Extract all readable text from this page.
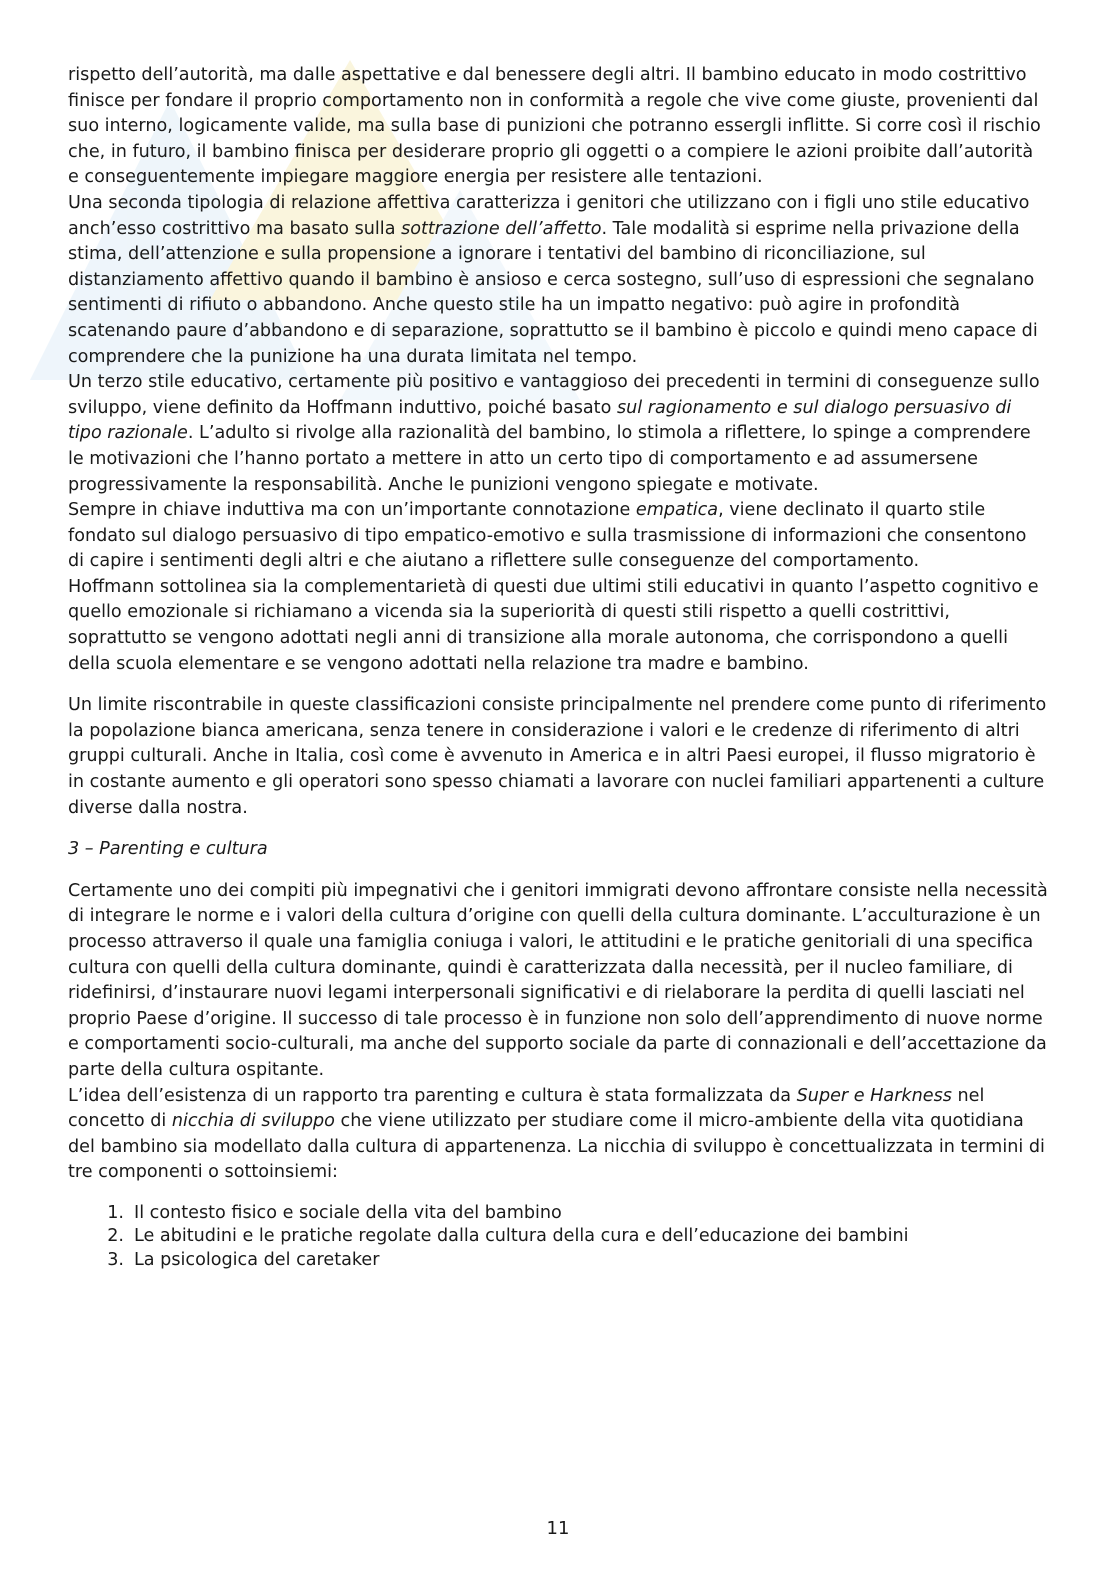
rispetto dell’autorità, ma dalle aspettative e dal benessere degli altri. Il bambino educato in modo costrittivo finisce per fondare il proprio comportamento non in conformità a regole che vive come giuste, provenienti dal suo interno, logicamente valide, ma sulla base di punizioni che potranno essergli inflitte. Si corre così il rischio che, in futuro, il bambino finisca per desiderare proprio gli oggetti o a compiere le azioni proibite dall’autorità e conseguentemente impiegare maggiore energia per resistere alle tentazioni.

Una seconda tipologia di relazione affettiva caratterizza i genitori che utilizzano con i figli uno stile educativo anch’esso costrittivo ma basato sulla sottrazione dell’affetto. Tale modalità si esprime nella privazione della stima, dell’attenzione e sulla propensione a ignorare i tentativi del bambino di riconciliazione, sul distanziamento affettivo quando il bambino è ansioso e cerca sostegno, sull’uso di espressioni che segnalano sentimenti di rifiuto o abbandono. Anche questo stile ha un impatto negativo: può agire in profondità scatenando paure d’abbandono e di separazione, soprattutto se il bambino è piccolo e quindi meno capace di comprendere che la punizione ha una durata limitata nel tempo.

Un terzo stile educativo, certamente più positivo e vantaggioso dei precedenti in termini di conseguenze sullo sviluppo, viene definito da Hoffmann induttivo, poiché basato sul ragionamento e sul dialogo persuasivo di tipo razionale. L’adulto si rivolge alla razionalità del bambino, lo stimola a riflettere, lo spinge a comprendere le motivazioni che l’hanno portato a mettere in atto un certo tipo di comportamento e ad assumersene progressivamente la responsabilità. Anche le punizioni vengono spiegate e motivate.

Sempre in chiave induttiva ma con un’importante connotazione empatica, viene declinato il quarto stile fondato sul dialogo persuasivo di tipo empatico-emotivo e sulla trasmissione di informazioni che consentono di capire i sentimenti degli altri e che aiutano a riflettere sulle conseguenze del comportamento.

Hoffmann sottolinea sia la complementarietà di questi due ultimi stili educativi in quanto l’aspetto cognitivo e quello emozionale si richiamano a vicenda sia la superiorità di questi stili rispetto a quelli costrittivi, soprattutto se vengono adottati negli anni di transizione alla morale autonoma, che corrispondono a quelli della scuola elementare e se vengono adottati nella relazione tra madre e bambino.

Un limite riscontrabile in queste classificazioni consiste principalmente nel prendere come punto di riferimento la popolazione bianca americana, senza tenere in considerazione i valori e le credenze di riferimento di altri gruppi culturali. Anche in Italia, così come è avvenuto in America e in altri Paesi europei, il flusso migratorio è in costante aumento e gli operatori sono spesso chiamati a lavorare con nuclei familiari appartenenti a culture diverse dalla nostra.

3 – Parenting e cultura

Certamente uno dei compiti più impegnativi che i genitori immigrati devono affrontare consiste nella necessità di integrare le norme e i valori della cultura d’origine con quelli della cultura dominante. L’acculturazione è un processo attraverso il quale una famiglia coniuga i valori, le attitudini e le pratiche genitoriali di una specifica cultura con quelli della cultura dominante, quindi è caratterizzata dalla necessità, per il nucleo familiare, di ridefinirsi, d’instaurare nuovi legami interpersonali significativi e di rielaborare la perdita di quelli lasciati nel proprio Paese d’origine. Il successo di tale processo è in funzione non solo dell’apprendimento di nuove norme e comportamenti socio-culturali, ma anche del supporto sociale da parte di connazionali e dell’accettazione da parte della cultura ospitante.

L’idea dell’esistenza di un rapporto tra parenting e cultura è stata formalizzata da Super e Harkness nel concetto di nicchia di sviluppo che viene utilizzato per studiare come il micro-ambiente della vita quotidiana del bambino sia modellato dalla cultura di appartenenza. La nicchia di sviluppo è concettualizzata in termini di tre componenti o sottoinsiemi:

1. Il contesto fisico e sociale della vita del bambino
2. Le abitudini e le pratiche regolate dalla cultura della cura e dell’educazione dei bambini
3. La psicologica del caretaker
11
